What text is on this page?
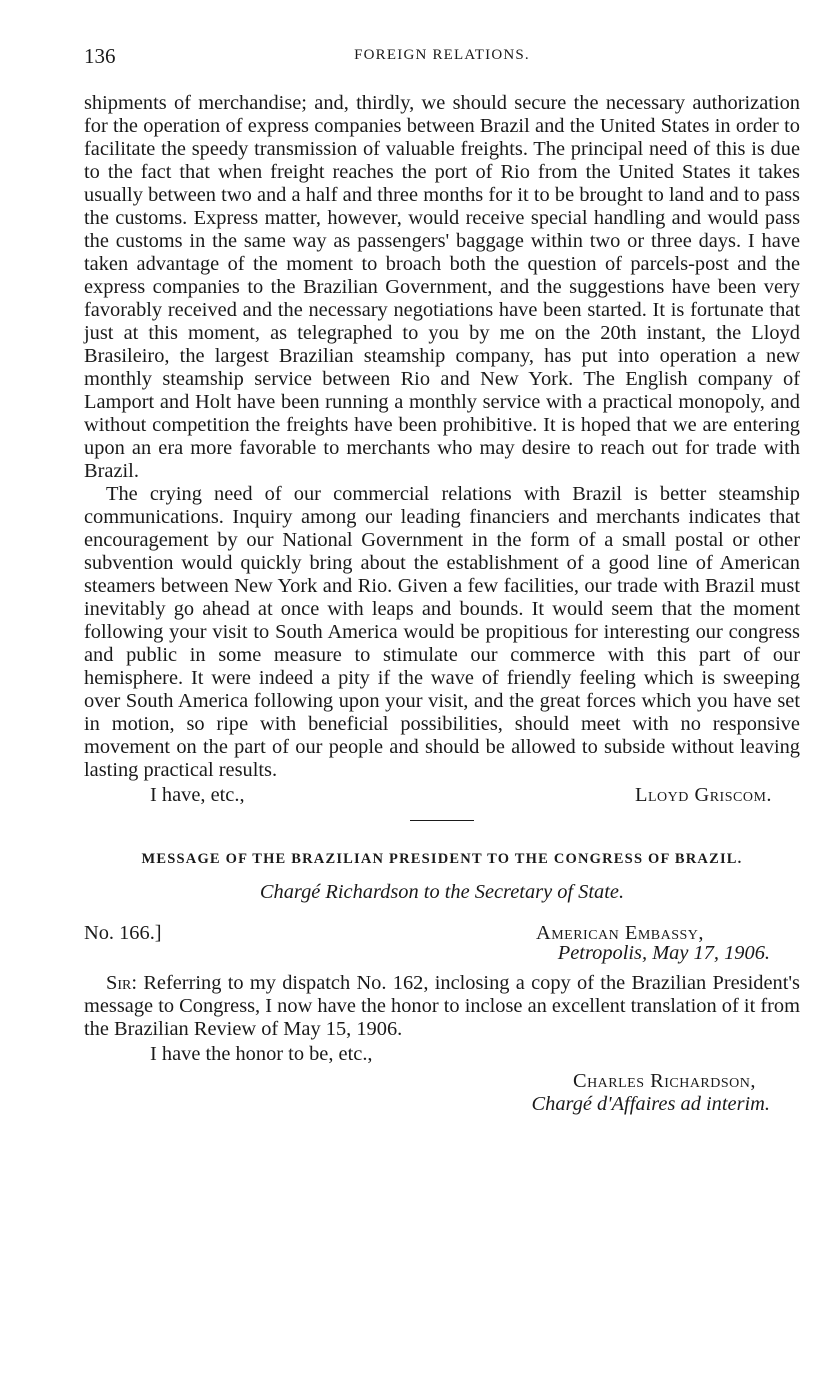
136	FOREIGN RELATIONS.

shipments of merchandise; and, thirdly, we should secure the necessary authorization for the operation of express companies between Brazil and the United States in order to facilitate the speedy transmission of valuable freights. The principal need of this is due to the fact that when freight reaches the port of Rio from the United States it takes usually between two and a half and three months for it to be brought to land and to pass the customs. Express matter, however, would receive special handling and would pass the customs in the same way as passengers' baggage within two or three days. I have taken advantage of the moment to broach both the question of parcels-post and the express companies to the Brazilian Government, and the suggestions have been very favorably received and the necessary negotiations have been started. It is fortunate that just at this moment, as telegraphed to you by me on the 20th instant, the Lloyd Brasileiro, the largest Brazilian steamship company, has put into operation a new monthly steamship service between Rio and New York. The English company of Lamport and Holt have been running a monthly service with a practical monopoly, and without competition the freights have been prohibitive. It is hoped that we are entering upon an era more favorable to merchants who may desire to reach out for trade with Brazil.

The crying need of our commercial relations with Brazil is better steamship communications. Inquiry among our leading financiers and merchants indicates that encouragement by our National Government in the form of a small postal or other subvention would quickly bring about the establishment of a good line of American steamers between New York and Rio. Given a few facilities, our trade with Brazil must inevitably go ahead at once with leaps and bounds. It would seem that the moment following your visit to South America would be propitious for interesting our congress and public in some measure to stimulate our commerce with this part of our hemisphere. It were indeed a pity if the wave of friendly feeling which is sweeping over South America following upon your visit, and the great forces which you have set in motion, so ripe with beneficial possibilities, should meet with no responsive movement on the part of our people and should be allowed to subside without leaving lasting practical results.

I have, etc.,	Lloyd Griscom.
MESSAGE OF THE BRAZILIAN PRESIDENT TO THE CONGRESS OF BRAZIL.
Chargé Richardson to the Secretary of State.
No. 166.]	American Embassy,
Petropolis, May 17, 1906.
Sir: Referring to my dispatch No. 162, inclosing a copy of the Brazilian President's message to Congress, I now have the honor to inclose an excellent translation of it from the Brazilian Review of May 15, 1906.
I have the honor to be, etc.,
Charles Richardson,
Chargé d'Affaires ad interim.
